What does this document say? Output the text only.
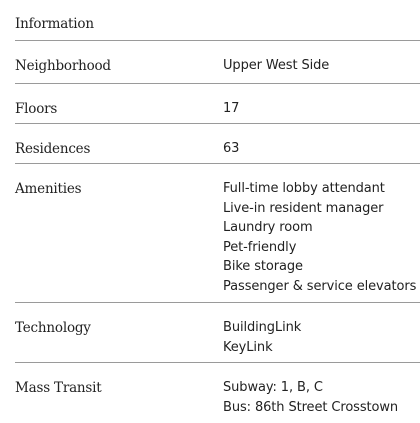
Information
Neighborhood	Upper West Side
Floors	17
Residences	63
Amenities	Full-time lobby attendant
Live-in resident manager
Laundry room
Pet-friendly
Bike storage
Passenger & service elevators
Technology	BuildingLink
KeyLink
Mass Transit	Subway: 1, B, C
Bus: 86th Street Crosstown
